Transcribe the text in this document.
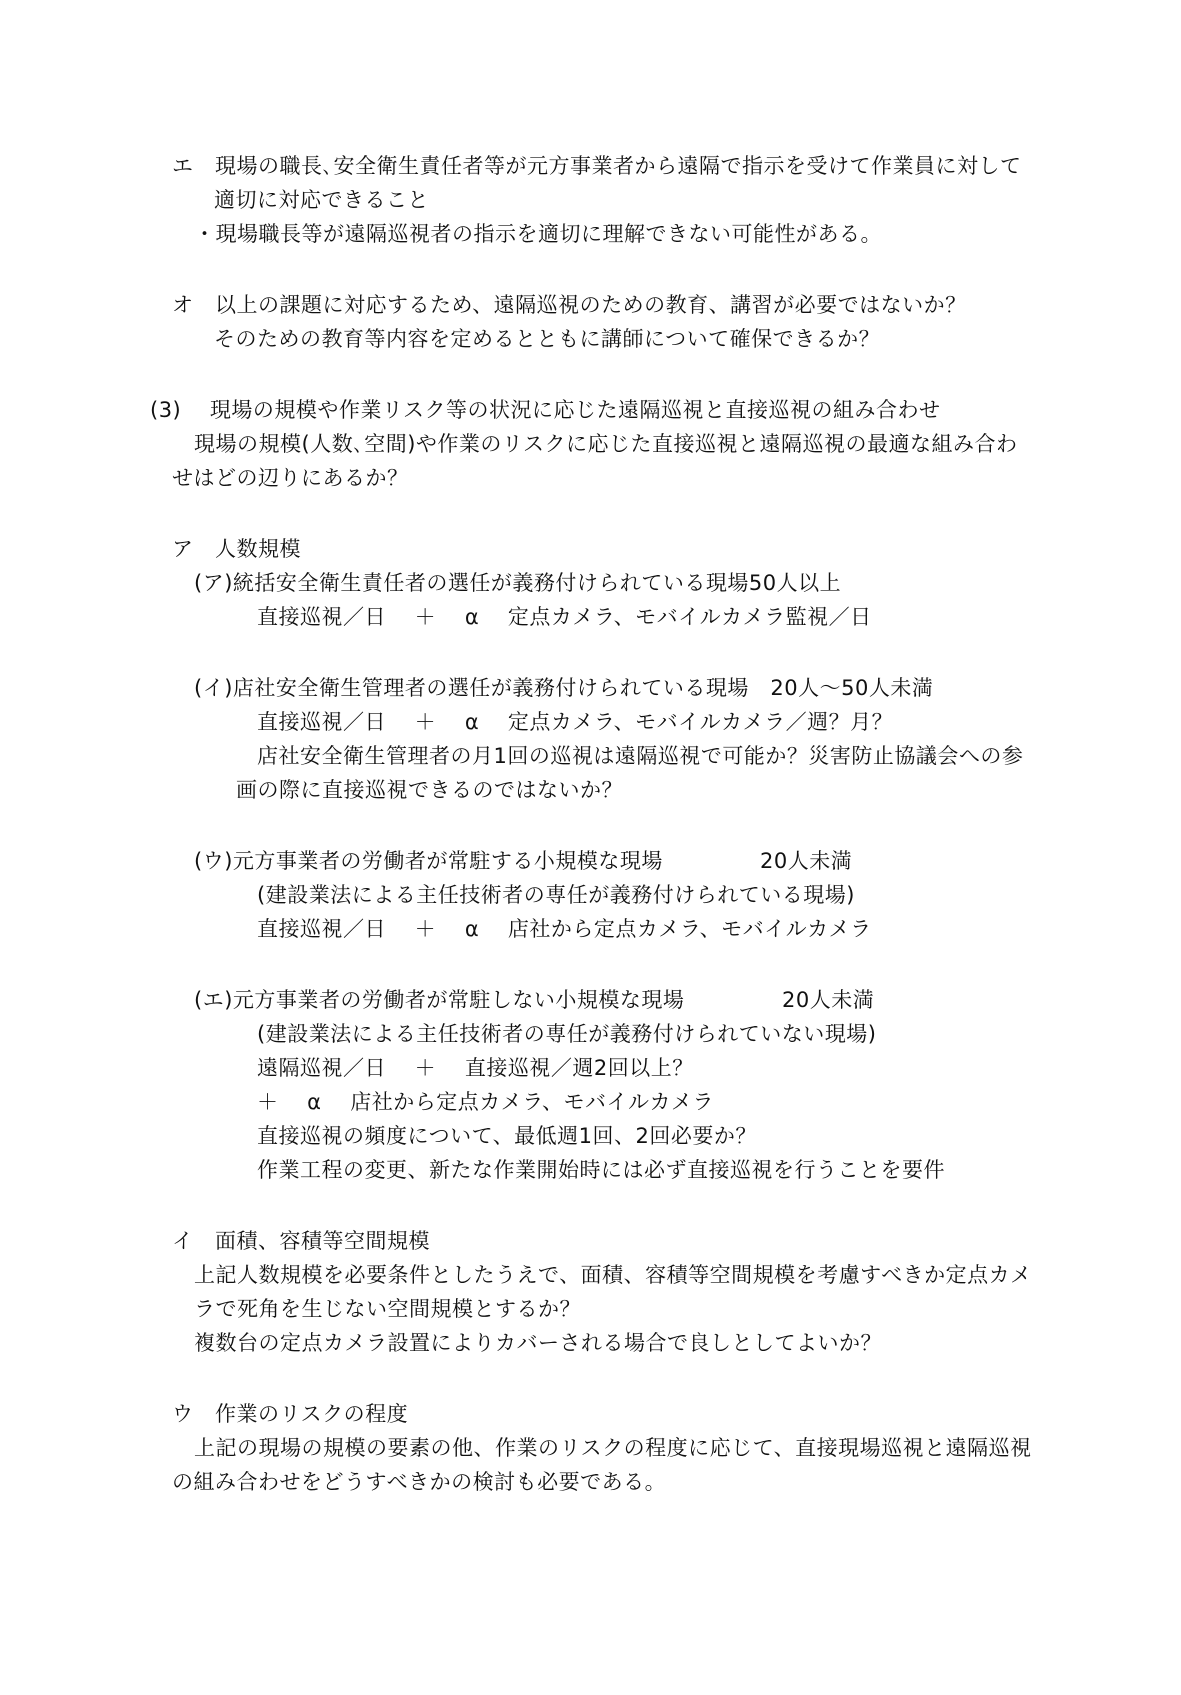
エ　現場の職長､安全衛生責任者等が元方事業者から遠隔で指示を受けて作業員に対して
適切に対応できること
・現場職長等が遠隔巡視者の指示を適切に理解できない可能性がある。
オ　以上の課題に対応するため、遠隔巡視のための教育、講習が必要ではないか？
そのための教育等内容を定めるとともに講師について確保できるか？
(3)　 現場の規模や作業リスク等の状況に応じた遠隔巡視と直接巡視の組み合わせ
現場の規模(人数､空間)や作業のリスクに応じた直接巡視と遠隔巡視の最適な組み合わ
せはどの辺りにあるか？
ア　人数規模
(ア)統括安全衛生責任者の選任が義務付けられている現場50人以上
直接巡視／日　 ＋　 α　 定点カメラ、モバイルカメラ監視／日
(イ)店社安全衛生管理者の選任が義務付けられている現場　20人～50人未満
直接巡視／日　 ＋　 α　 定点カメラ、モバイルカメラ／週？月？
店社安全衛生管理者の月1回の巡視は遠隔巡視で可能か？災害防止協議会への参
画の際に直接巡視できるのではないか？
(ウ)元方事業者の労働者が常駐する小規模な現場	20人未満
(建設業法による主任技術者の専任が義務付けられている現場)
直接巡視／日　 ＋　 α　 店社から定点カメラ、モバイルカメラ
(エ)元方事業者の労働者が常駐しない小規模な現場	20人未満
(建設業法による主任技術者の専任が義務付けられていない現場)
遠隔巡視／日　 ＋　 直接巡視／週2回以上？
＋　 α　 店社から定点カメラ、モバイルカメラ
直接巡視の頻度について、最低週1回、2回必要か？
作業工程の変更、新たな作業開始時には必ず直接巡視を行うことを要件
イ　面積、容積等空間規模
上記人数規模を必要条件としたうえで、面積、容積等空間規模を考慮すべきか定点カメ
ラで死角を生じない空間規模とするか？
複数台の定点カメラ設置によりカバーされる場合で良しとしてよいか？
ウ　作業のリスクの程度
上記の現場の規模の要素の他、作業のリスクの程度に応じて、直接現場巡視と遠隔巡視
の組み合わせをどうすべきかの検討も必要である。
